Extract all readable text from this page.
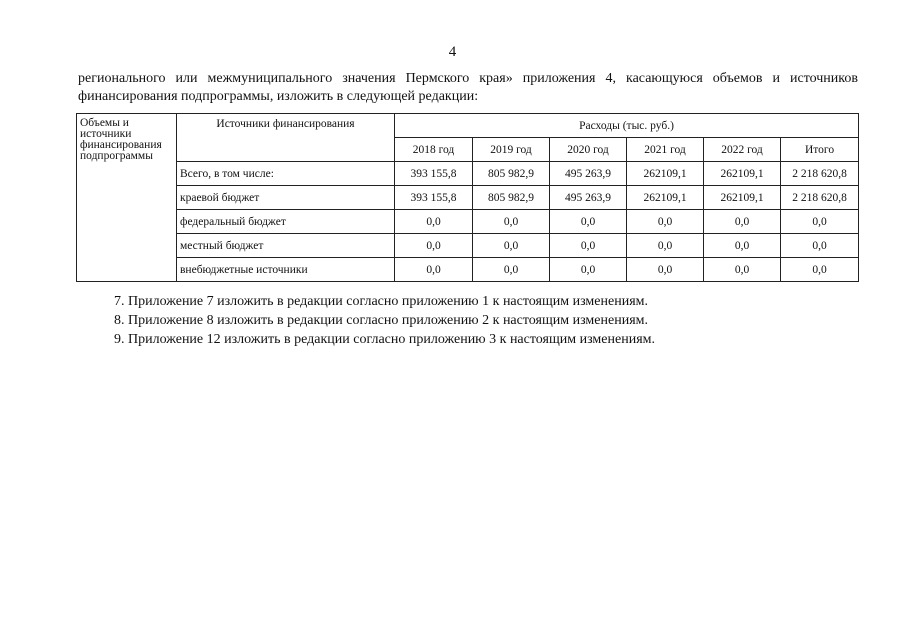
4
регионального или межмуниципального значения Пермского края» приложения 4, касающуюся объемов и источников финансирования подпрограммы, изложить в следующей редакции:
Объемы и источники финансирования подпрограммы	Источники финансирования	Расходы (тыс. руб.)					
		2018 год	2019 год	2020 год	2021 год	2022 год	Итого
	Всего, в том числе:	393 155,8	805 982,9	495 263,9	262109,1	262109,1	2 218 620,8
	краевой бюджет	393 155,8	805 982,9	495 263,9	262109,1	262109,1	2 218 620,8
	федеральный бюджет	0,0	0,0	0,0	0,0	0,0	0,0
	местный бюджет	0,0	0,0	0,0	0,0	0,0	0,0
	внебюджетные источники	0,0	0,0	0,0	0,0	0,0	0,0
7. Приложение 7 изложить в редакции согласно приложению 1 к настоящим изменениям.
8. Приложение 8 изложить в редакции согласно приложению 2 к настоящим изменениям.
9. Приложение 12 изложить в редакции согласно приложению 3 к настоящим изменениям.
